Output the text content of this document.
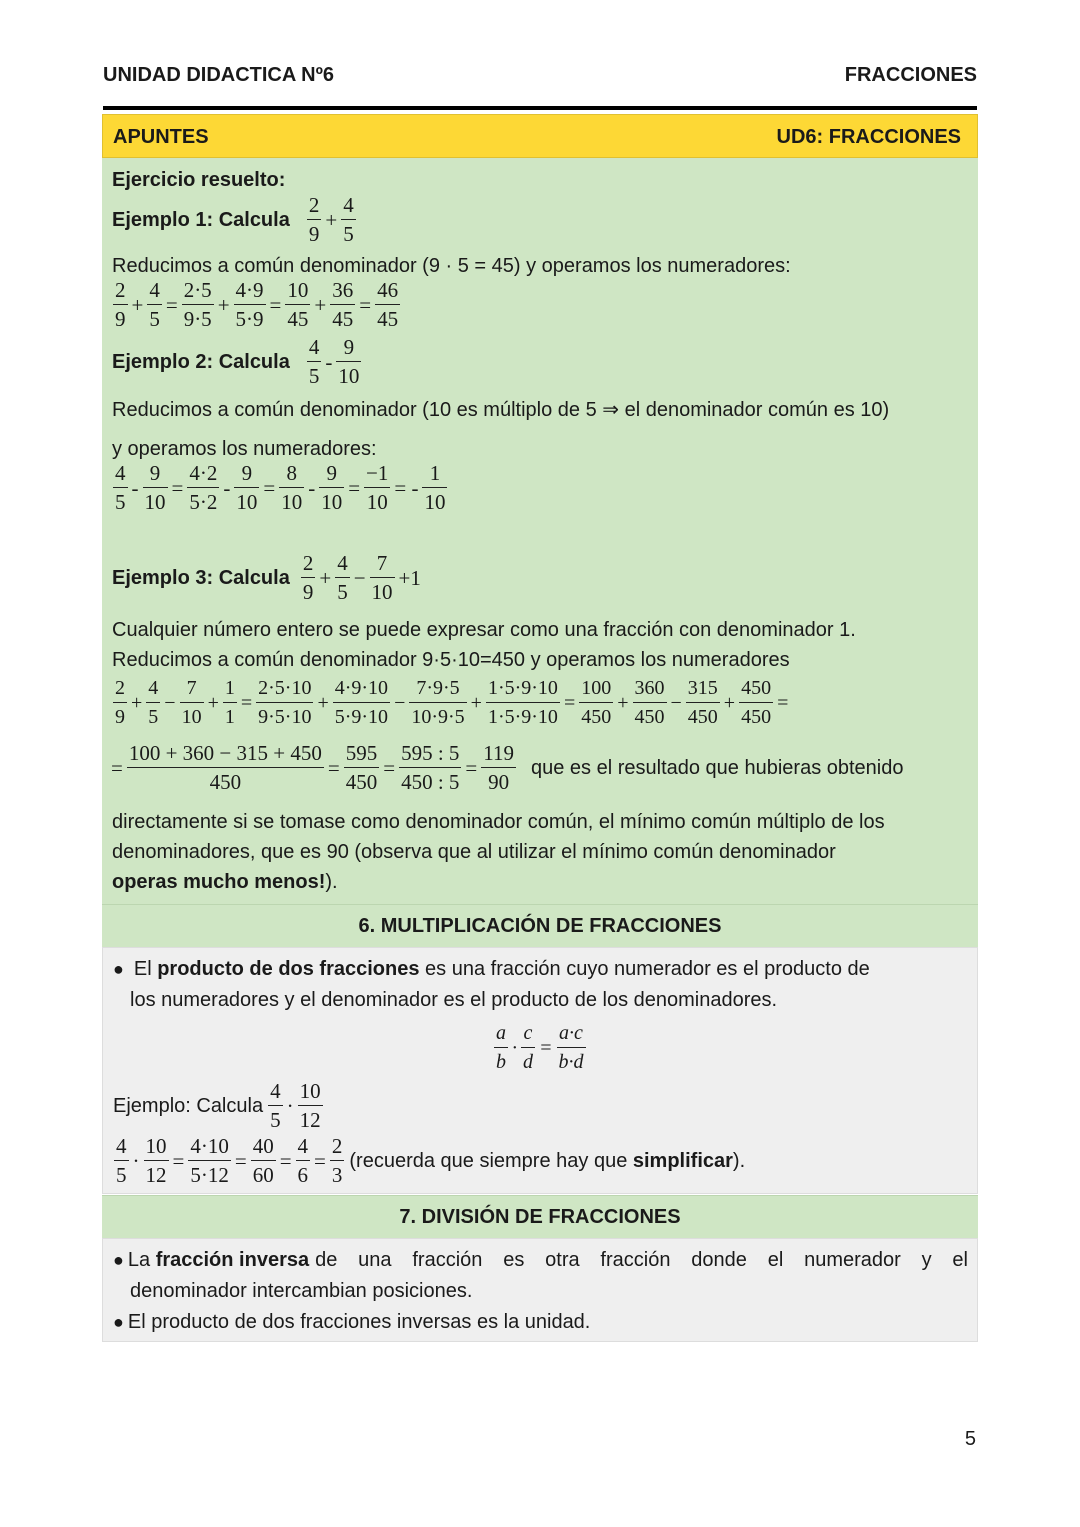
UNIDAD DIDACTICA Nº6	FRACCIONES
APUNTES	UD6: FRACCIONES
Ejercicio resuelto:
Ejemplo 1: Calcula $\frac{2}{9} + \frac{4}{5}$
Reducimos a común denominador (9 · 5 = 45) y operamos los numeradores:
$\frac{2}{9} + \frac{4}{5} = \frac{2\cdot 5}{9\cdot 5} + \frac{4\cdot 9}{5\cdot 9} = \frac{10}{45} + \frac{36}{45} = \frac{46}{45}$
Ejemplo 2: Calcula $\frac{4}{5} - \frac{9}{10}$
Reducimos a común denominador (10 es múltiplo de 5 ⇒ el denominador común es 10)
y operamos los numeradores:
$\frac{4}{5} - \frac{9}{10} = \frac{4\cdot 2}{5\cdot 2} - \frac{9}{10} = \frac{8}{10} - \frac{9}{10} = \frac{-1}{10}$ = - $\frac{1}{10}$
Ejemplo 3: Calcula $\frac{2}{9} + \frac{4}{5} - \frac{7}{10} +1$
Cualquier número entero se puede expresar como una fracción con denominador 1.
Reducimos a común denominador 9·5·10=450 y operamos los numeradores
$\frac{2}{9} + \frac{4}{5} - \frac{7}{10} + \frac{1}{1} = \frac{2\cdot 5\cdot 10}{9\cdot 5\cdot 10} + \frac{4\cdot 9\cdot 10}{5\cdot 9\cdot 10} - \frac{7\cdot 9\cdot 5}{10\cdot 9\cdot 5} + \frac{1\cdot 5\cdot 9\cdot 10}{1\cdot 5\cdot 9\cdot 10} = \frac{100}{450} + \frac{360}{450} - \frac{315}{450} + \frac{450}{450}$ =
= $\frac{100 + 360 - 315 + 450}{450} = \frac{595}{450} = \frac{595 : 5}{450 : 5} = \frac{119}{90}$ que es el resultado que hubieras obtenido
directamente si se tomase como denominador común, el mínimo común múltiplo de los
denominadores, que es 90 (observa que al utilizar el mínimo común denominador
operas mucho menos!).
6. MULTIPLICACIÓN DE FRACCIONES
● El producto de dos fracciones es una fracción cuyo numerador es el producto de
los numeradores y el denominador es el producto de los denominadores.
$\frac{a}{b} \cdot \frac{c}{d} = \frac{a\cdot c}{b\cdot d}$
Ejemplo: Calcula $\frac{4}{5} \cdot \frac{10}{12}$
$\frac{4}{5} \cdot \frac{10}{12} = \frac{4\cdot 10}{5\cdot 12} = \frac{40}{60} = \frac{4}{6} = \frac{2}{3}$ (recuerda que siempre hay que simplificar).
7. DIVISIÓN DE FRACCIONES
● La fracción inversa de una fracción es otra fracción donde el numerador y el
denominador intercambian posiciones.
● El producto de dos fracciones inversas es la unidad.
5
